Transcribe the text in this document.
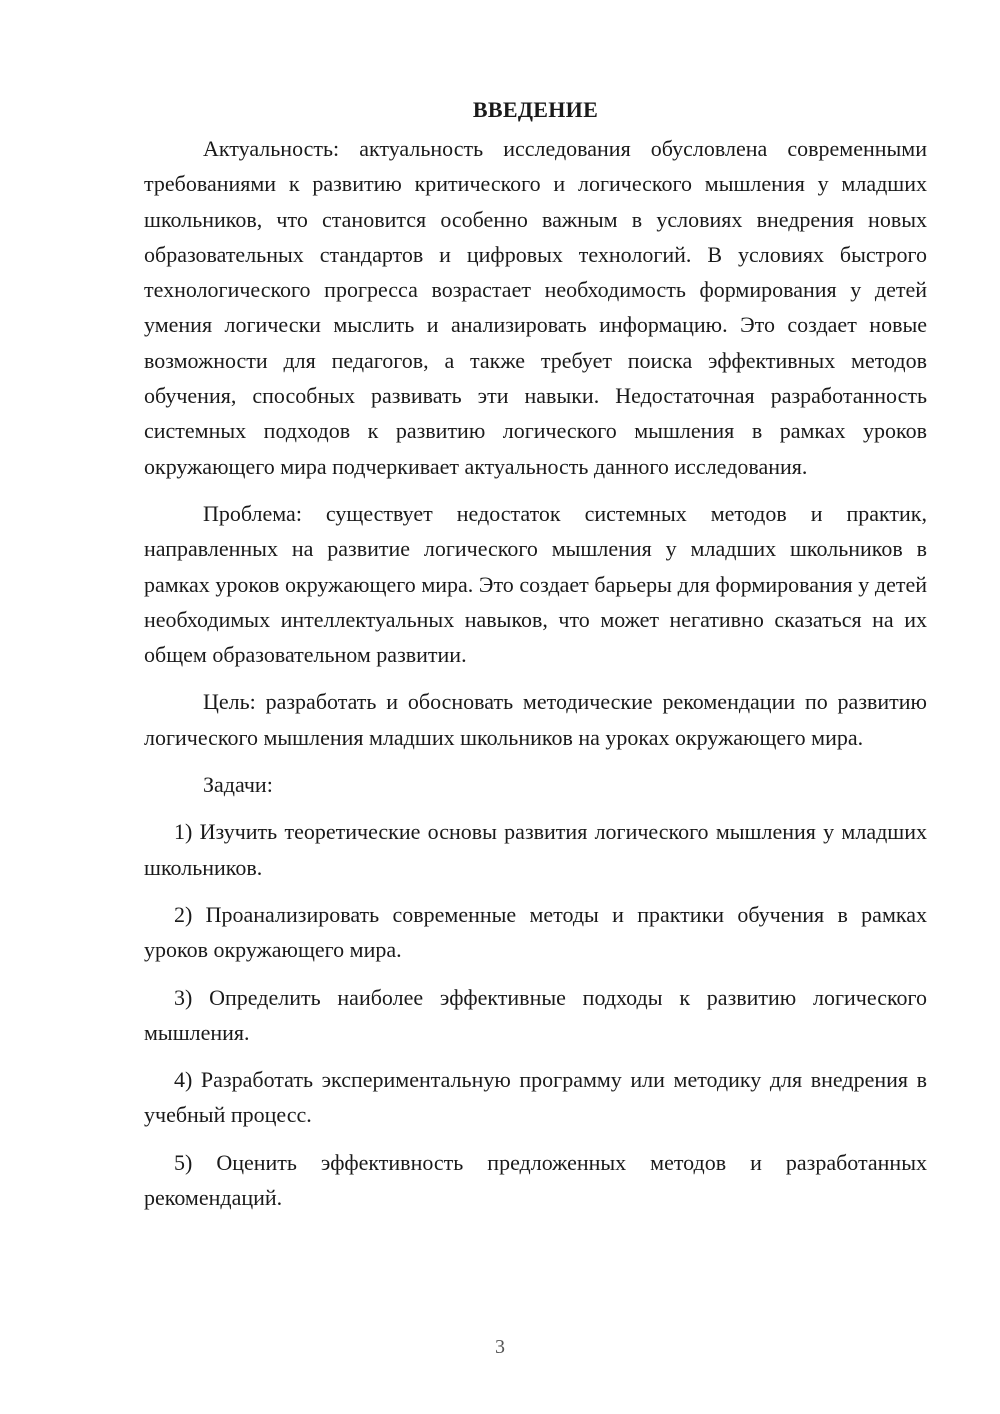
ВВЕДЕНИЕ

Актуальность: актуальность исследования обусловлена современными требованиями к развитию критического и логического мышления у младших школьников, что становится особенно важным в условиях внедрения новых образовательных стандартов и цифровых технологий. В условиях быстрого технологического прогресса возрастает необходимость формирования у детей умения логически мыслить и анализировать информацию. Это создает новые возможности для педагогов, а также требует поиска эффективных методов обучения, способных развивать эти навыки. Недостаточная разработанность системных подходов к развитию логического мышления в рамках уроков окружающего мира подчеркивает актуальность данного исследования.

Проблема: существует недостаток системных методов и практик, направленных на развитие логического мышления у младших школьников в рамках уроков окружающего мира. Это создает барьеры для формирования у детей необходимых интеллектуальных навыков, что может негативно сказаться на их общем образовательном развитии.

Цель: разработать и обосновать методические рекомендации по развитию логического мышления младших школьников на уроках окружающего мира.

Задачи:

1) Изучить теоретические основы развития логического мышления у младших школьников.

2) Проанализировать современные методы и практики обучения в рамках уроков окружающего мира.

3) Определить наиболее эффективные подходы к развитию логического мышления.

4) Разработать экспериментальную программу или методику для внедрения в учебный процесс.

5) Оценить эффективность предложенных методов и разработанных рекомендаций.

3
